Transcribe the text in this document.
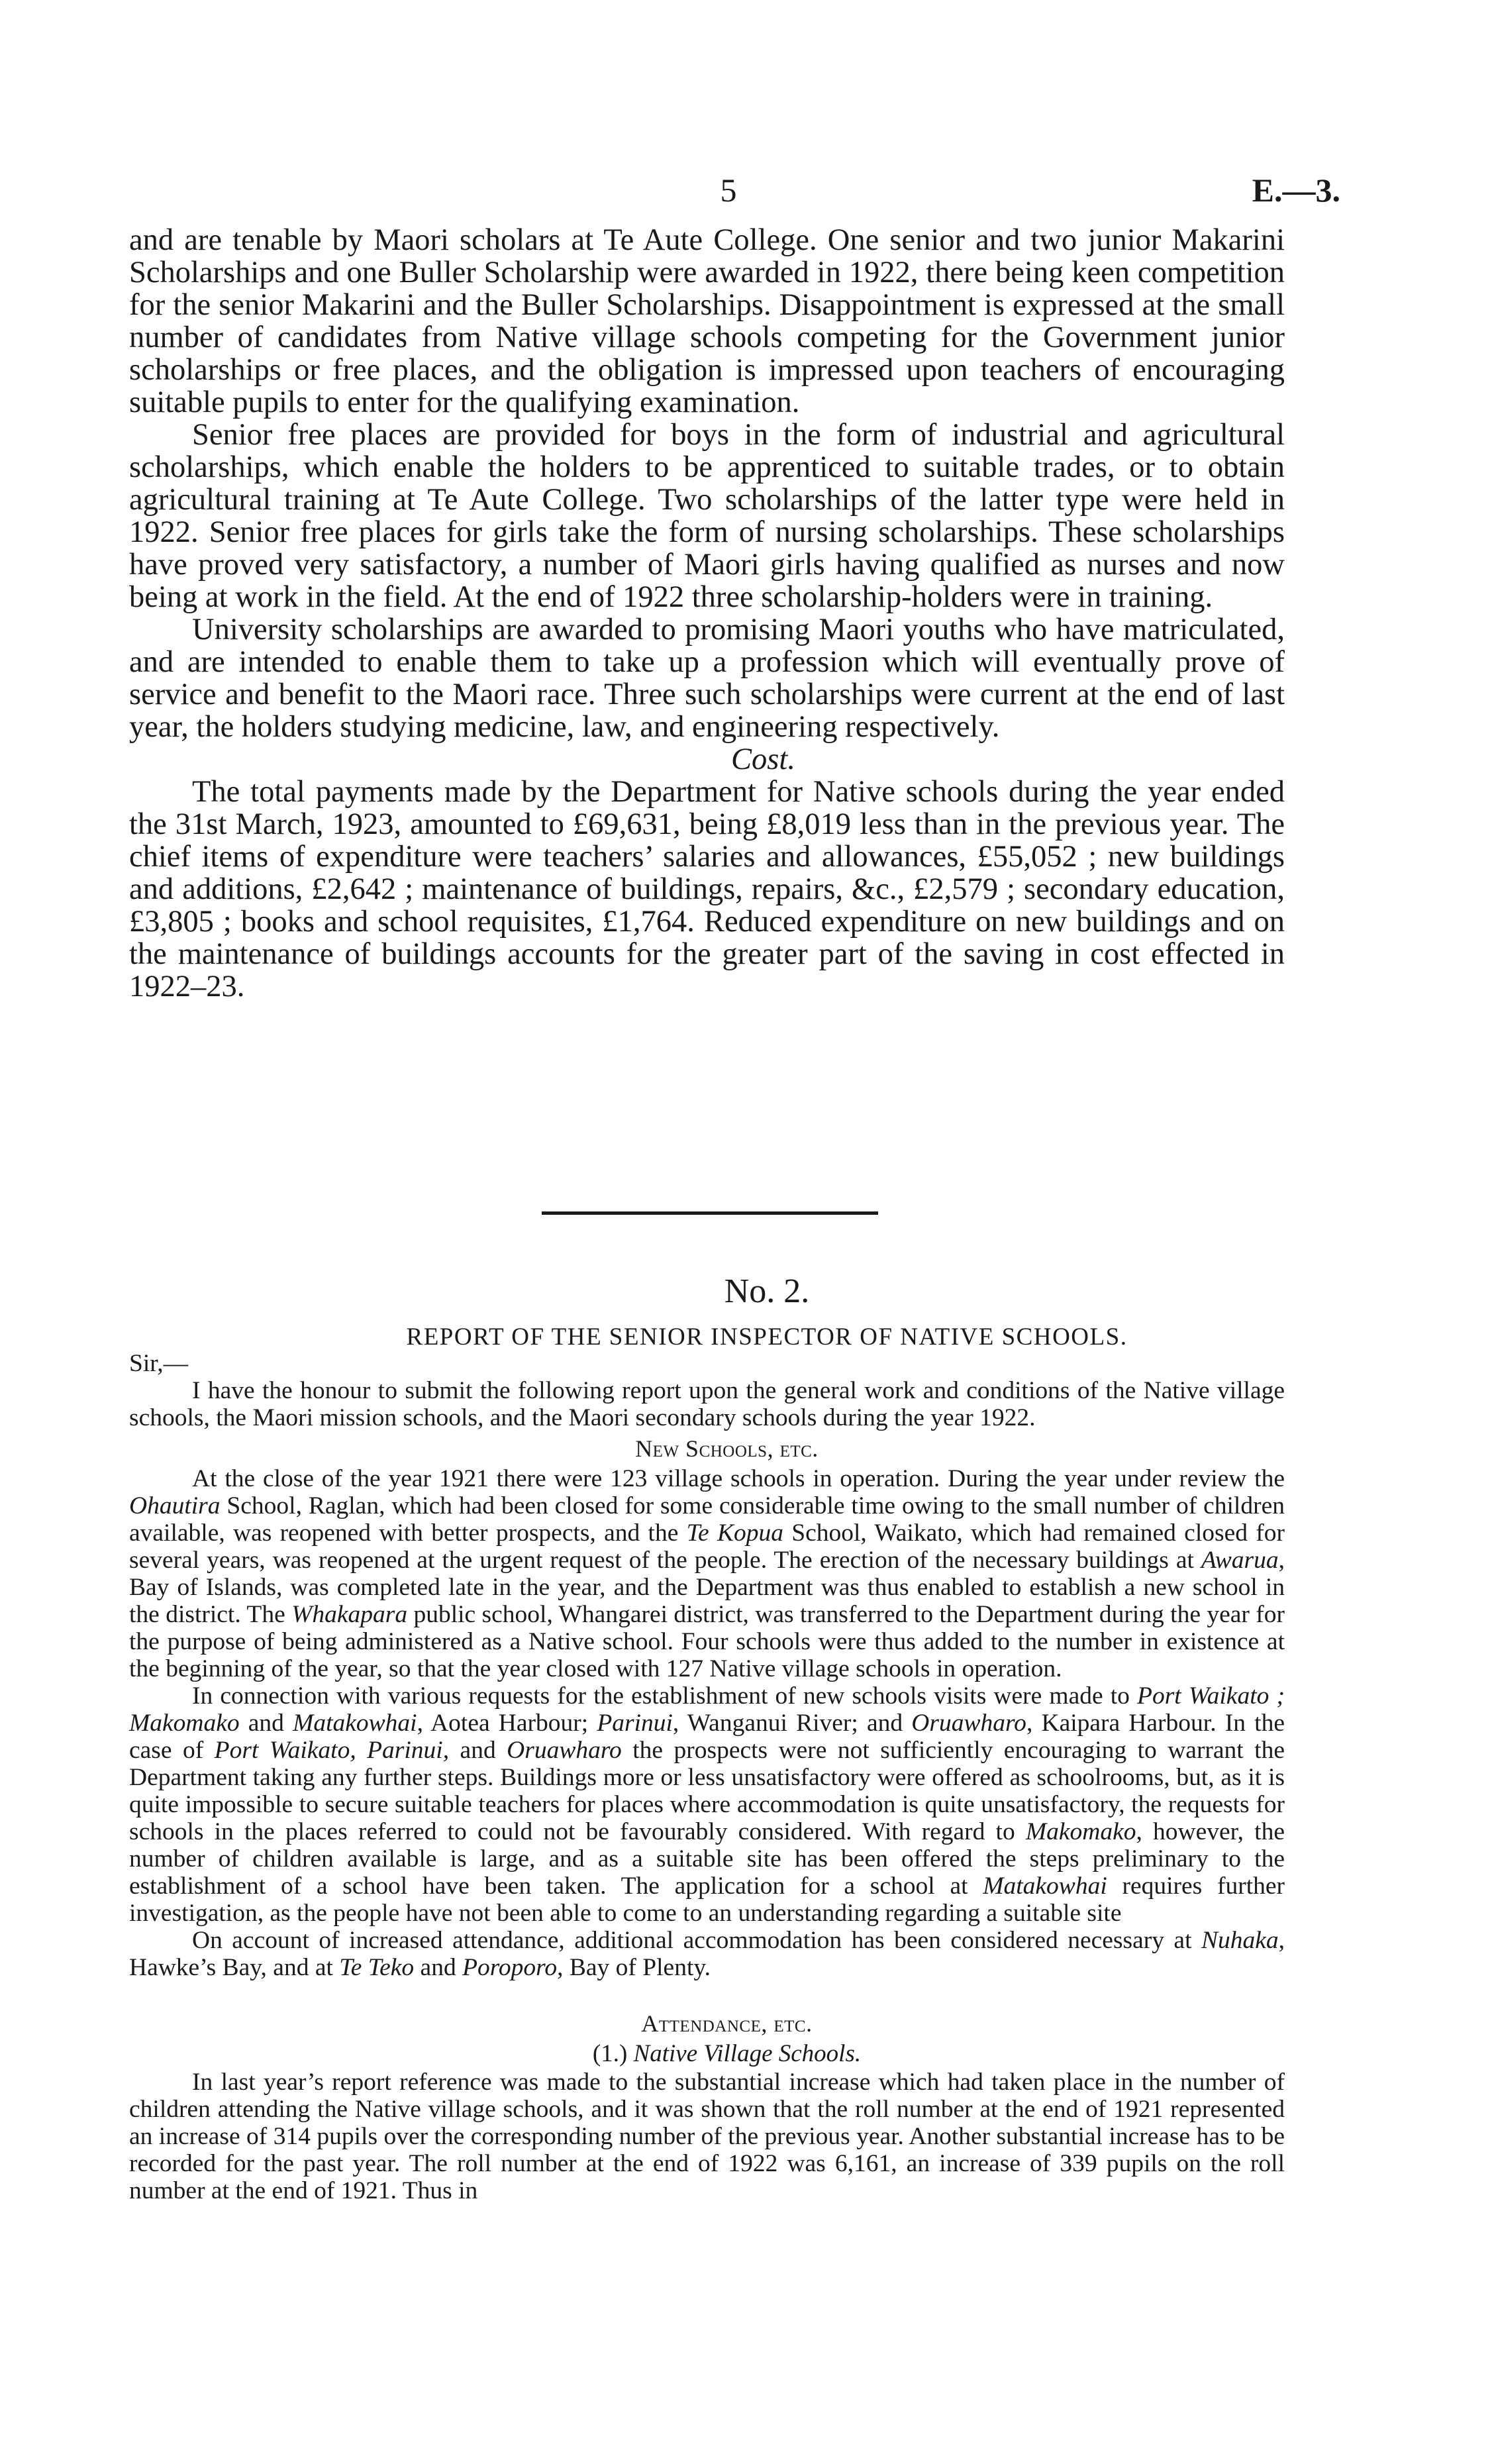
5	E.—3.

and are tenable by Maori scholars at Te Aute College. One senior and two junior Makarini Scholarships and one Buller Scholarship were awarded in 1922, there being keen competition for the senior Makarini and the Buller Scholarships. Disappointment is expressed at the small number of candidates from Native village schools competing for the Government junior scholarships or free places, and the obligation is impressed upon teachers of encouraging suitable pupils to enter for the qualifying examination.

Senior free places are provided for boys in the form of industrial and agricultural scholarships, which enable the holders to be apprenticed to suitable trades, or to obtain agricultural training at Te Aute College. Two scholarships of the latter type were held in 1922. Senior free places for girls take the form of nursing scholarships. These scholarships have proved very satisfactory, a number of Maori girls having qualified as nurses and now being at work in the field. At the end of 1922 three scholarship-holders were in training.

University scholarships are awarded to promising Maori youths who have matriculated, and are intended to enable them to take up a profession which will eventually prove of service and benefit to the Maori race. Three such scholarships were current at the end of last year, the holders studying medicine, law, and engineering respectively.

Cost.

The total payments made by the Department for Native schools during the year ended the 31st March, 1923, amounted to £69,631, being £8,019 less than in the previous year. The chief items of expenditure were teachers’ salaries and allowances, £55,052 ; new buildings and additions, £2,642 ; maintenance of buildings, repairs, &c., £2,579 ; secondary education, £3,805 ; books and school requisites, £1,764. Reduced expenditure on new buildings and on the maintenance of buildings accounts for the greater part of the saving in cost effected in 1922–23.

No. 2.
REPORT OF THE SENIOR INSPECTOR OF NATIVE SCHOOLS.

Sir,—

I have the honour to submit the following report upon the general work and conditions of the Native village schools, the Maori mission schools, and the Maori secondary schools during the year 1922.

New Schools, etc.

At the close of the year 1921 there were 123 village schools in operation. During the year under review the Ohautira School, Raglan, which had been closed for some considerable time owing to the small number of children available, was reopened with better prospects, and the Te Kopua School, Waikato, which had remained closed for several years, was reopened at the urgent request of the people. The erection of the necessary buildings at Awarua, Bay of Islands, was completed late in the year, and the Department was thus enabled to establish a new school in the district. The Whakapara public school, Whangarei district, was transferred to the Department during the year for the purpose of being administered as a Native school. Four schools were thus added to the number in existence at the beginning of the year, so that the year closed with 127 Native village schools in operation.

In connection with various requests for the establishment of new schools visits were made to Port Waikato ; Makomako and Matakowhai, Aotea Harbour; Parinui, Wanganui River; and Oruawharo, Kaipara Harbour. In the case of Port Waikato, Parinui, and Oruawharo the prospects were not sufficiently encouraging to warrant the Department taking any further steps. Buildings more or less unsatisfactory were offered as schoolrooms, but, as it is quite impossible to secure suitable teachers for places where accommodation is quite unsatisfactory, the requests for schools in the places referred to could not be favourably considered. With regard to Makomako, however, the number of children available is large, and as a suitable site has been offered the steps preliminary to the establishment of a school have been taken. The application for a school at Matakowhai requires further investigation, as the people have not been able to come to an understanding regarding a suitable site

On account of increased attendance, additional accommodation has been considered necessary at Nuhaka, Hawke’s Bay, and at Te Teko and Poroporo, Bay of Plenty.

Attendance, etc.

(1.) Native Village Schools.

In last year’s report reference was made to the substantial increase which had taken place in the number of children attending the Native village schools, and it was shown that the roll number at the end of 1921 represented an increase of 314 pupils over the corresponding number of the previous year. Another substantial increase has to be recorded for the past year. The roll number at the end of 1922 was 6,161, an increase of 339 pupils on the roll number at the end of 1921. Thus in
